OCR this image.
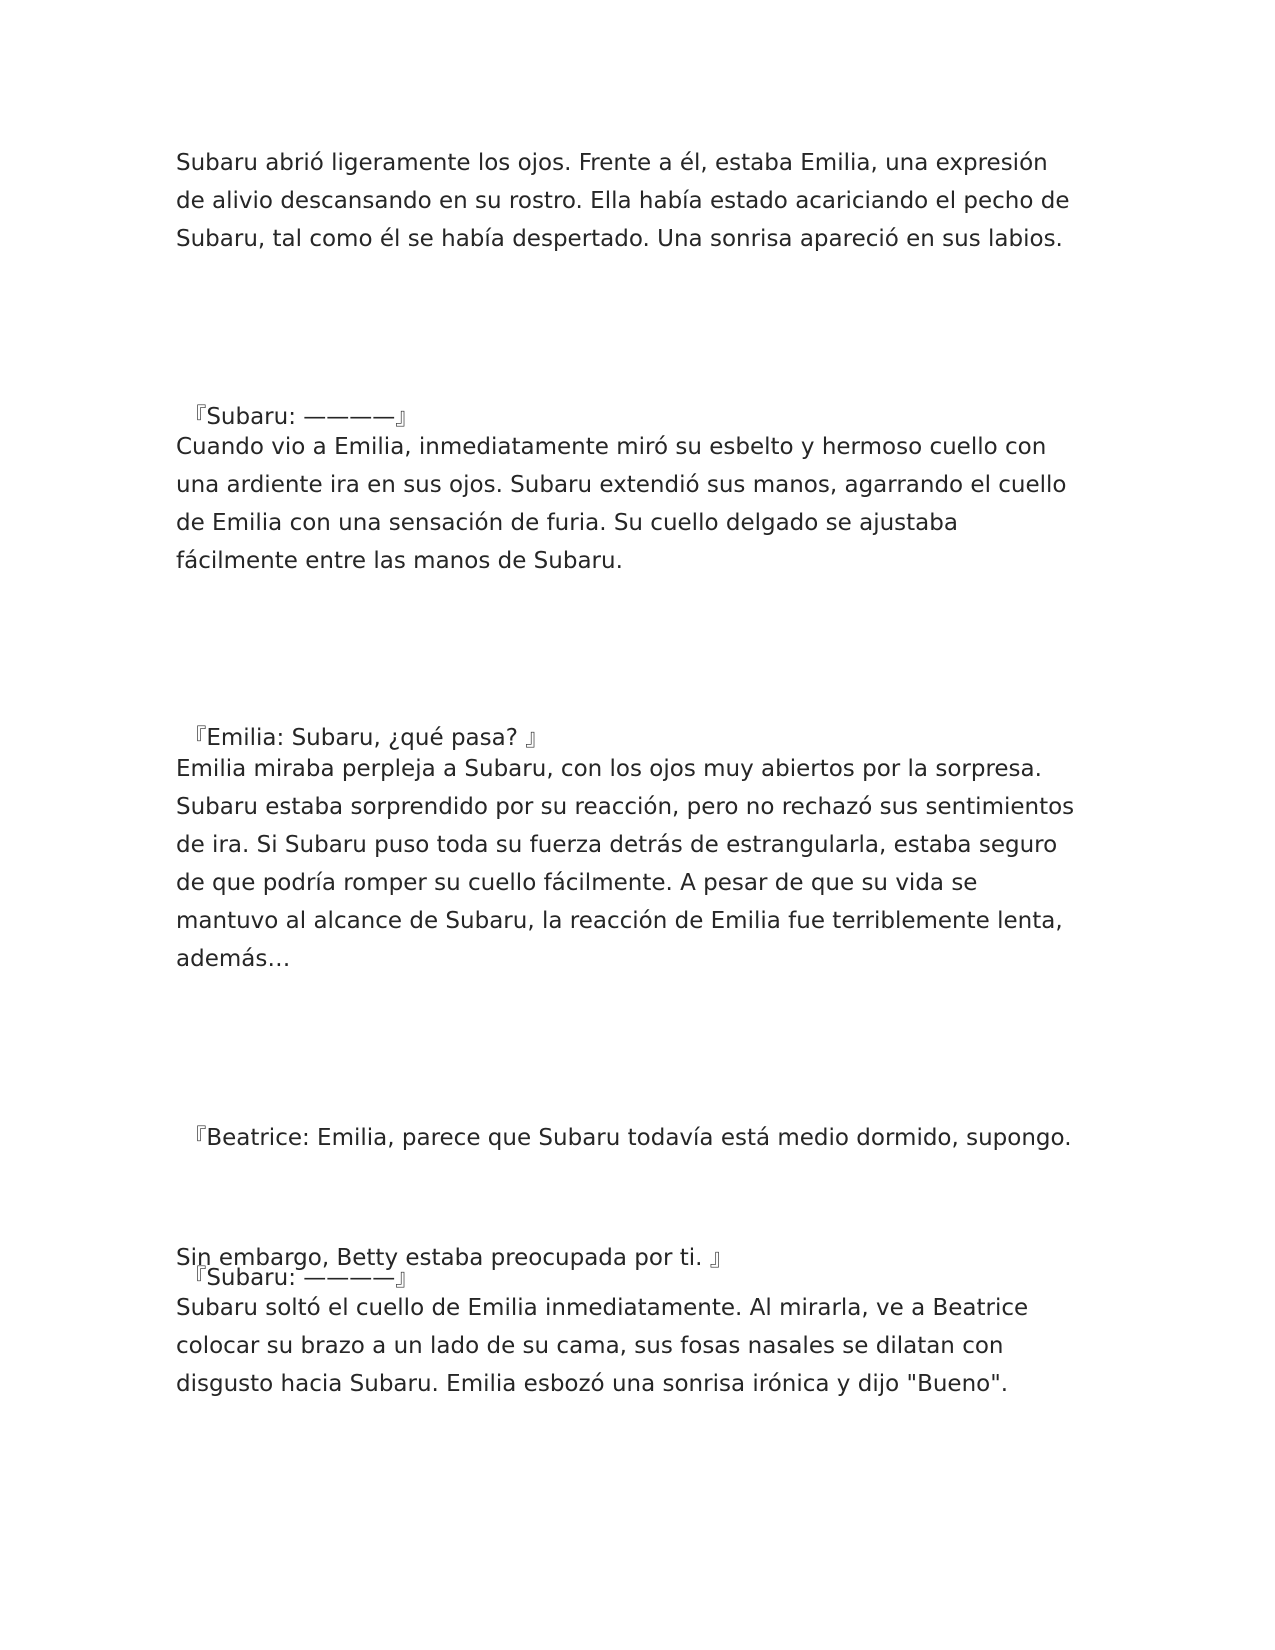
Subaru abrió ligeramente los ojos. Frente a él, estaba Emilia, una expresión
de alivio descansando en su rostro. Ella había estado acariciando el pecho de
Subaru, tal como él se había despertado. Una sonrisa apareció en sus labios.

『Subaru: ————』

Cuando vio a Emilia, inmediatamente miró su esbelto y hermoso cuello con
una ardiente ira en sus ojos. Subaru extendió sus manos, agarrando el cuello
de Emilia con una sensación de furia. Su cuello delgado se ajustaba
fácilmente entre las manos de Subaru.

『Emilia: Subaru, ¿qué pasa? 』

Emilia miraba perpleja a Subaru, con los ojos muy abiertos por la sorpresa.
Subaru estaba sorprendido por su reacción, pero no rechazó sus sentimientos
de ira. Si Subaru puso toda su fuerza detrás de estrangularla, estaba seguro
de que podría romper su cuello fácilmente. A pesar de que su vida se
mantuvo al alcance de Subaru, la reacción de Emilia fue terriblemente lenta,
además…

『Beatrice: Emilia, parece que Subaru todavía está medio dormido, supongo.

Sin embargo, Betty estaba preocupada por ti. 』

『Subaru: ————』

Subaru soltó el cuello de Emilia inmediatamente. Al mirarla, ve a Beatrice
colocar su brazo a un lado de su cama, sus fosas nasales se dilatan con
disgusto hacia Subaru. Emilia esbozó una sonrisa irónica y dijo "Bueno".
